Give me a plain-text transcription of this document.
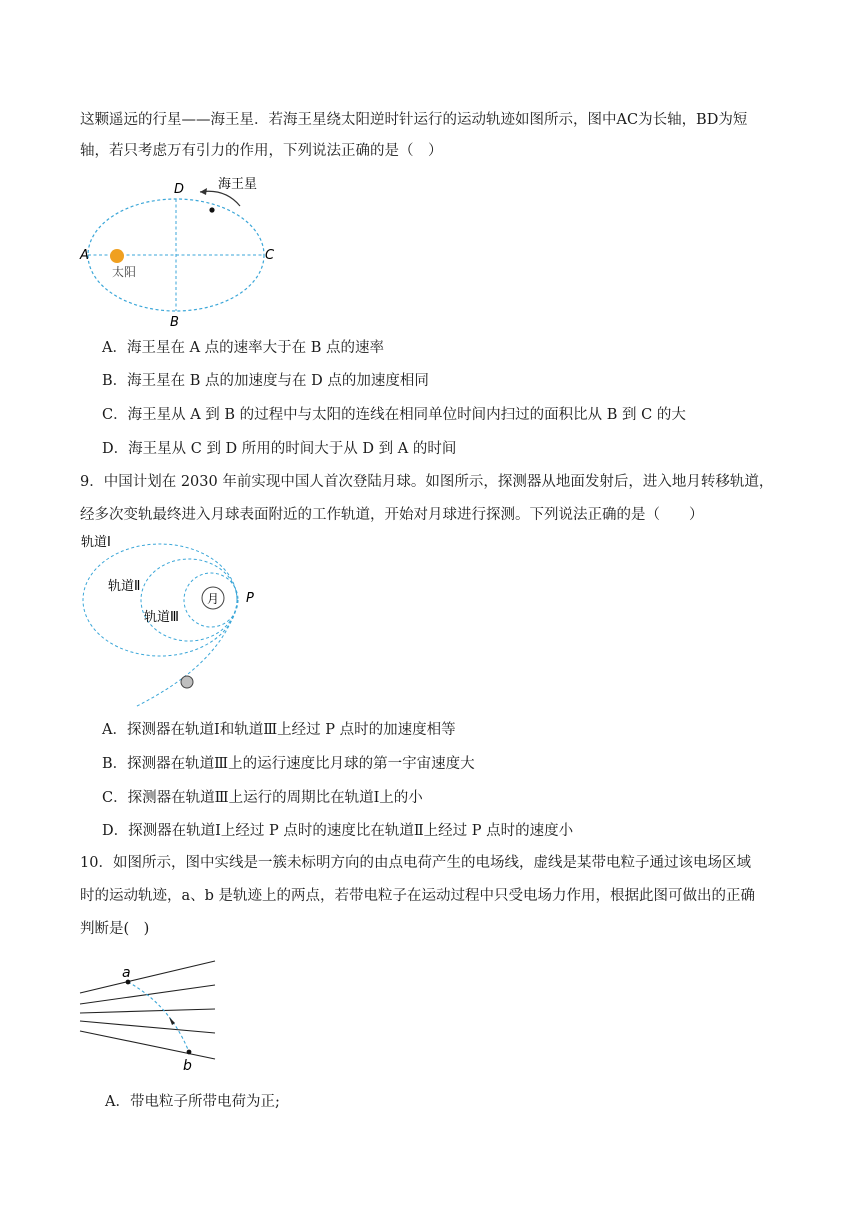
这颗遥远的行星——海王星．若海王星绕太阳逆时针运行的运动轨迹如图所示，图中AC为长轴，BD为短
轴，若只考虑万有引力的作用，下列说法正确的是（　）
D	海王星
A	C
B
太阳
A．海王星在 A 点的速率大于在 B 点的速率
B．海王星在 B 点的加速度与在 D 点的加速度相同
C．海王星从 A 到 B 的过程中与太阳的连线在相同单位时间内扫过的面积比从 B 到 C 的大
D．海王星从 C 到 D 所用的时间大于从 D 到 A 的时间
9．中国计划在 2030 年前实现中国人首次登陆月球。如图所示，探测器从地面发射后，进入地月转移轨道，
经多次变轨最终进入月球表面附近的工作轨道，开始对月球进行探测。下列说法正确的是（　　）
月
轨道Ⅰ
轨道Ⅱ
轨道Ⅲ
P
A．探测器在轨道Ⅰ和轨道Ⅲ上经过 P 点时的加速度相等
B．探测器在轨道Ⅲ上的运行速度比月球的第一宇宙速度大
C．探测器在轨道Ⅲ上运行的周期比在轨道Ⅰ上的小
D．探测器在轨道Ⅰ上经过 P 点时的速度比在轨道Ⅱ上经过 P 点时的速度小
10．如图所示，图中实线是一簇未标明方向的由点电荷产生的电场线，虚线是某带电粒子通过该电场区域
时的运动轨迹，a、b 是轨迹上的两点，若带电粒子在运动过程中只受电场力作用，根据此图可做出的正确
判断是(　)
a
b
A．带电粒子所带电荷为正;
